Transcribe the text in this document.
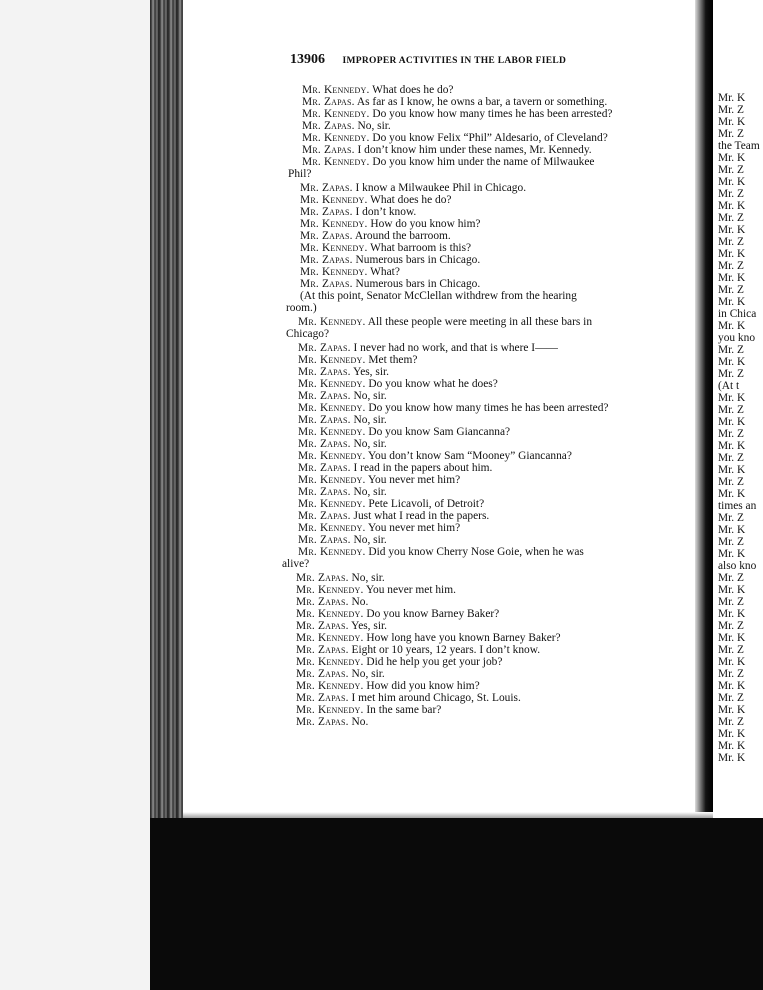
13906 IMPROPER ACTIVITIES IN THE LABOR FIELD
Mr. Kennedy. What does he do?
Mr. Zapas. As far as I know, he owns a bar, a tavern or something.
Mr. Kennedy. Do you know how many times he has been arrested?
Mr. Zapas. No, sir.
Mr. Kennedy. Do you know Felix “Phil” Aldesario, of Cleveland?
Mr. Zapas. I don’t know him under these names, Mr. Kennedy.
Mr. Kennedy. Do you know him under the name of Milwaukee
Phil?
Mr. Zapas. I know a Milwaukee Phil in Chicago.
Mr. Kennedy. What does he do?
Mr. Zapas. I don’t know.
Mr. Kennedy. How do you know him?
Mr. Zapas. Around the barroom.
Mr. Kennedy. What barroom is this?
Mr. Zapas. Numerous bars in Chicago.
Mr. Kennedy. What?
Mr. Zapas. Numerous bars in Chicago.
(At this point, Senator McClellan withdrew from the hearing
room.)
Mr. Kennedy. All these people were meeting in all these bars in
Chicago?
Mr. Zapas. I never had no work, and that is where I——
Mr. Kennedy. Met them?
Mr. Zapas. Yes, sir.
Mr. Kennedy. Do you know what he does?
Mr. Zapas. No, sir.
Mr. Kennedy. Do you know how many times he has been arrested?
Mr. Zapas. No, sir.
Mr. Kennedy. Do you know Sam Giancanna?
Mr. Zapas. No, sir.
Mr. Kennedy. You don’t know Sam “Mooney” Giancanna?
Mr. Zapas. I read in the papers about him.
Mr. Kennedy. You never met him?
Mr. Zapas. No, sir.
Mr. Kennedy. Pete Licavoli, of Detroit?
Mr. Zapas. Just what I read in the papers.
Mr. Kennedy. You never met him?
Mr. Zapas. No, sir.
Mr. Kennedy. Did you know Cherry Nose Goie, when he was
alive?
Mr. Zapas. No, sir.
Mr. Kennedy. You never met him.
Mr. Zapas. No.
Mr. Kennedy. Do you know Barney Baker?
Mr. Zapas. Yes, sir.
Mr. Kennedy. How long have you known Barney Baker?
Mr. Zapas. Eight or 10 years, 12 years. I don’t know.
Mr. Kennedy. Did he help you get your job?
Mr. Zapas. No, sir.
Mr. Kennedy. How did you know him?
Mr. Zapas. I met him around Chicago, St. Louis.
Mr. Kennedy. In the same bar?
Mr. Zapas. No.
Mr. K
Mr. Z
Mr. K
Mr. Z
the Team
Mr. K
Mr. Z
Mr. K
Mr. Z
Mr. K
Mr. Z
Mr. K
Mr. Z
Mr. K
Mr. Z
Mr. K
Mr. Z
Mr. K
in Chica
Mr. K
you kno
Mr. Z
Mr. K
Mr. Z
(At t
Mr. K
Mr. Z
Mr. K
Mr. Z
Mr. K
Mr. Z
Mr. K
Mr. Z
Mr. K
times an
Mr. Z
Mr. K
Mr. Z
Mr. K
also kno
Mr. Z
Mr. K
Mr. Z
Mr. K
Mr. Z
Mr. K
Mr. Z
Mr. K
Mr. Z
Mr. K
Mr. Z
Mr. K
Mr. Z
Mr. K
Mr. K
Mr. K
